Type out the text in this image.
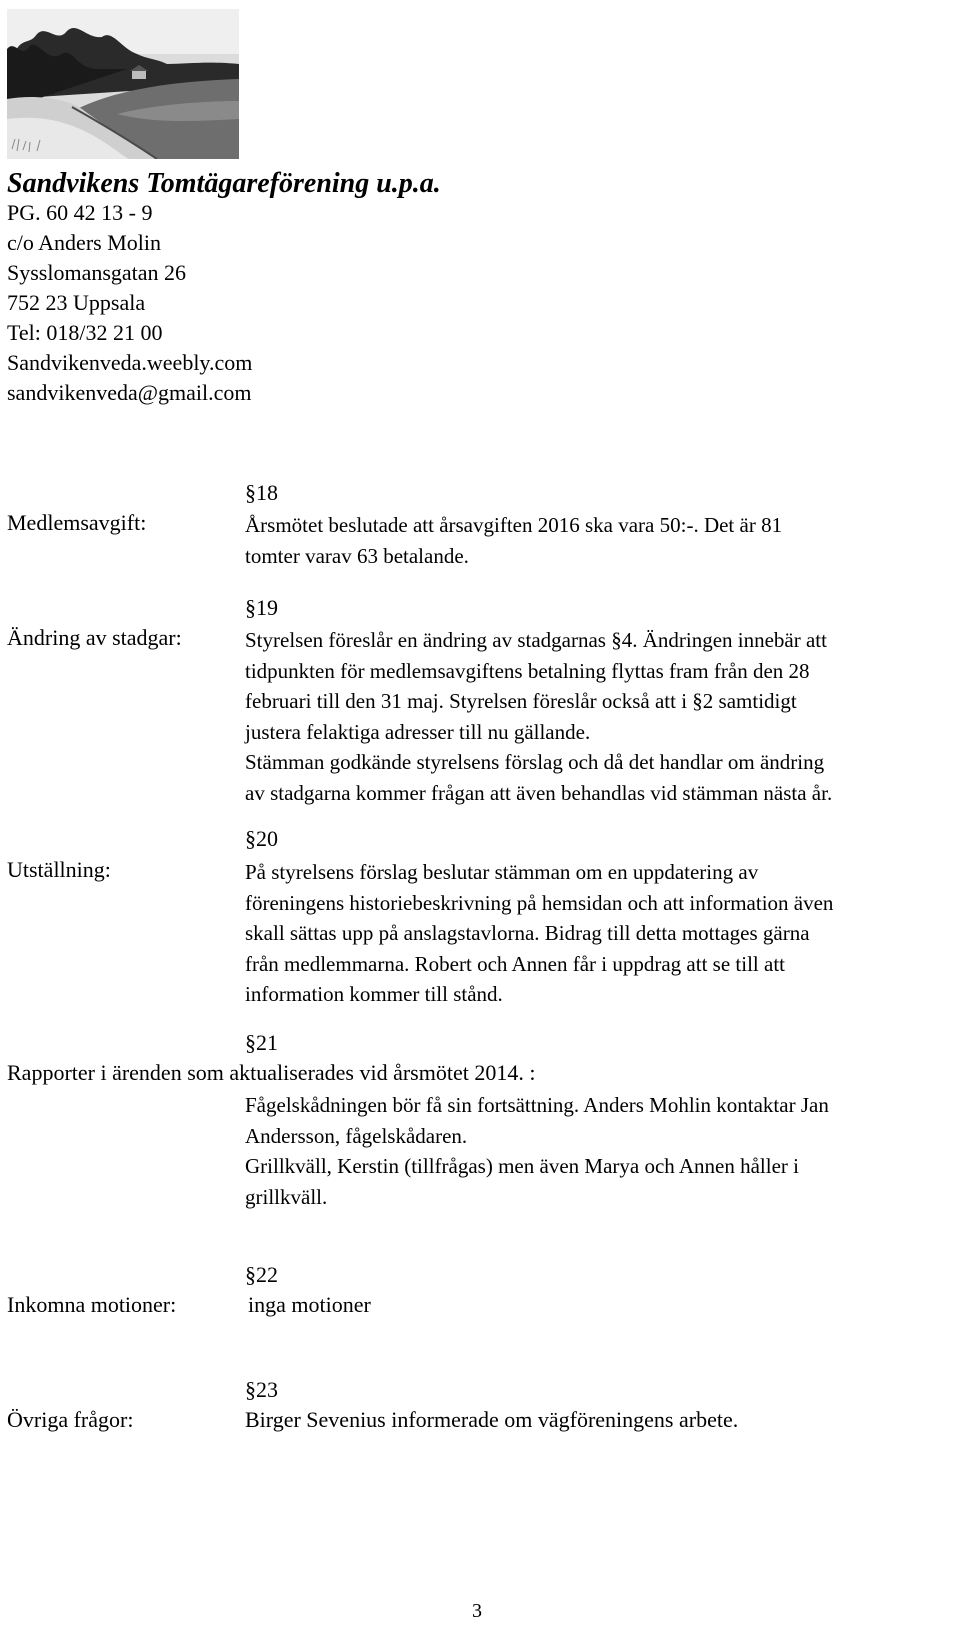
Sandvikens Tomtägareförening u.p.a.
PG. 60 42 13 - 9
c/o Anders Molin
Sysslomansgatan 26
752 23 Uppsala
Tel: 018/32 21 00
Sandvikenveda.weebly.com
sandvikenveda@gmail.com
§18
Medlemsavgift:	Årsmötet beslutade att årsavgiften 2016 ska vara 50:-. Det är 81
tomter varav 63 betalande.
§19
Ändring av stadgar:	Styrelsen föreslår en ändring av stadgarnas §4. Ändringen innebär att
tidpunkten för medlemsavgiftens betalning flyttas fram från den 28
februari till den 31 maj. Styrelsen föreslår också att i §2 samtidigt
justera felaktiga adresser till nu gällande.
Stämman godkände styrelsens förslag och då det handlar om ändring
av stadgarna kommer frågan att även behandlas vid stämman nästa år.
§20
Utställning:	På styrelsens förslag beslutar stämman om en uppdatering av
föreningens historiebeskrivning på hemsidan och att information även
skall sättas upp på anslagstavlorna. Bidrag till detta mottages gärna
från medlemmarna. Robert och Annen får i uppdrag att se till att
information kommer till stånd.
§21
Rapporter i ärenden som aktualiserades vid årsmötet 2014. :
Fågelskådningen bör få sin fortsättning. Anders Mohlin kontaktar Jan
Andersson, fågelskådaren.
Grillkväll, Kerstin (tillfrågas) men även Marya och Annen håller i
grillkväll.
§22
Inkomna motioner:	inga motioner
§23
Övriga frågor:	Birger Sevenius informerade om vägföreningens arbete.
3
